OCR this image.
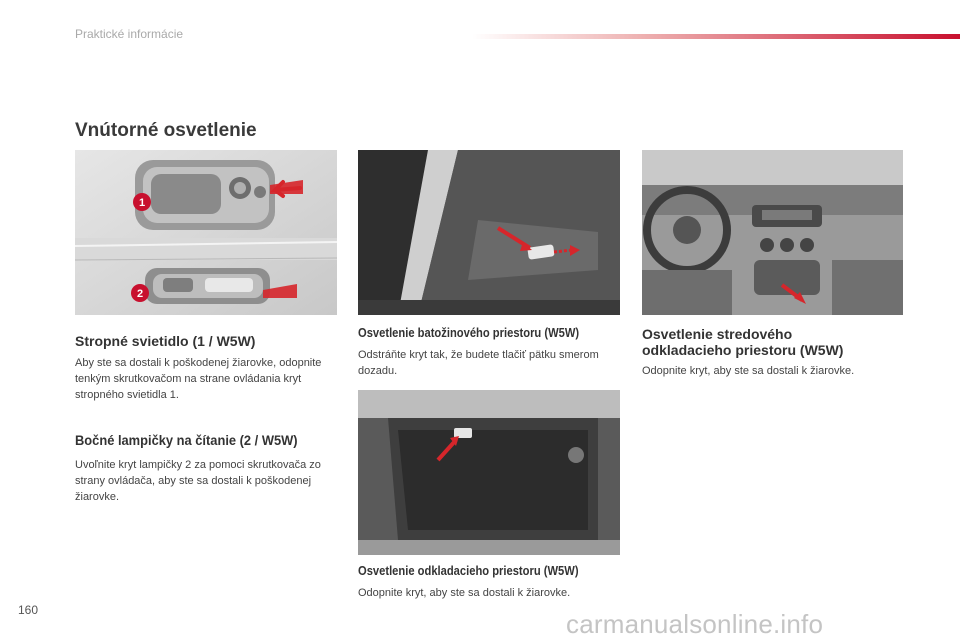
Praktické informácie
Vnútorné osvetlenie
1
2
Stropné svietidlo (1 / W5W)
Aby ste sa dostali k poškodenej žiarovke, odopnite tenkým skrutkovačom na strane ovládania kryt stropného svietidla 1.
Bočné lampičky na čítanie (2 / W5W)
Uvoľnite kryt lampičky 2 za pomoci skrutkovača zo strany ovládača, aby ste sa dostali k poškodenej žiarovke.
Osvetlenie batožinového priestoru (W5W)
Odstráňte kryt tak, že budete tlačiť pätku smerom dozadu.
Osvetlenie odkladacieho priestoru (W5W)
Odopnite kryt, aby ste sa dostali k žiarovke.
Osvetlenie stredového
odkladacieho priestoru (W5W)
Odopnite kryt, aby ste sa dostali k žiarovke.
160	carmanualsonline.info
